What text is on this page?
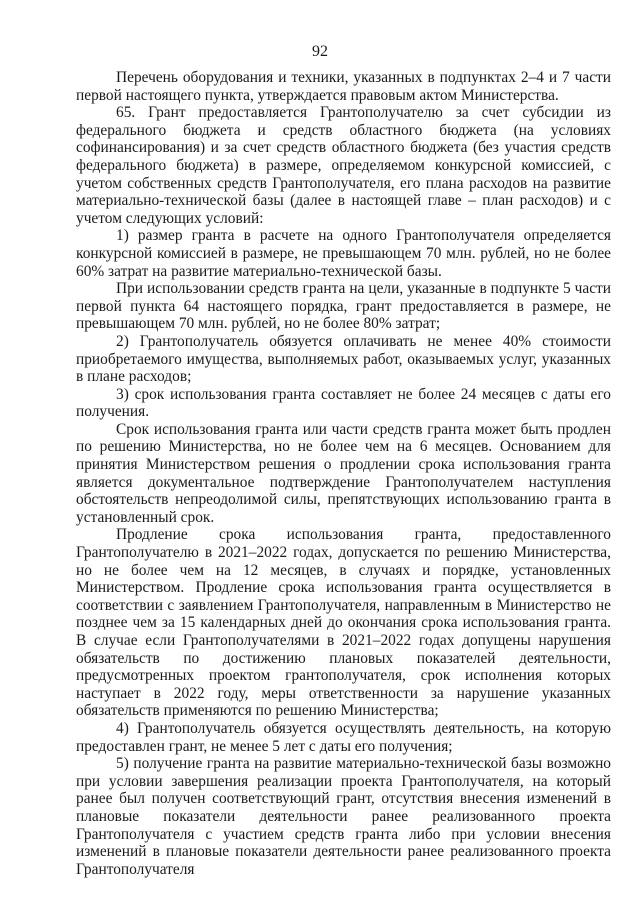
92

Перечень оборудования и техники, указанных в подпунктах 2–4 и 7 части первой настоящего пункта, утверждается правовым актом Министерства.

65. Грант предоставляется Грантополучателю за счет субсидии из федерального бюджета и средств областного бюджета (на условиях софинансирования) и за счет средств областного бюджета (без участия средств федерального бюджета) в размере, определяемом конкурсной комиссией, с учетом собственных средств Грантополучателя, его плана расходов на развитие материально-технической базы (далее в настоящей главе – план расходов) и с учетом следующих условий:

1) размер гранта в расчете на одного Грантополучателя определяется конкурсной комиссией в размере, не превышающем 70 млн. рублей, но не более 60% затрат на развитие материально-технической базы.

При использовании средств гранта на цели, указанные в подпункте 5 части первой пункта 64 настоящего порядка, грант предоставляется в размере, не превышающем 70 млн. рублей, но не более 80% затрат;

2) Грантополучатель обязуется оплачивать не менее 40% стоимости приобретаемого имущества, выполняемых работ, оказываемых услуг, указанных в плане расходов;

3) срок использования гранта составляет не более 24 месяцев с даты его получения.

Срок использования гранта или части средств гранта может быть продлен по решению Министерства, но не более чем на 6 месяцев. Основанием для принятия Министерством решения о продлении срока использования гранта является документальное подтверждение Грантополучателем наступления обстоятельств непреодолимой силы, препятствующих использованию гранта в установленный срок.

Продление срока использования гранта, предоставленного Грантополучателю в 2021–2022 годах, допускается по решению Министерства, но не более чем на 12 месяцев, в случаях и порядке, установленных Министерством. Продление срока использования гранта осуществляется в соответствии с заявлением Грантополучателя, направленным в Министерство не позднее чем за 15 календарных дней до окончания срока использования гранта. В случае если Грантополучателями в 2021–2022 годах допущены нарушения обязательств по достижению плановых показателей деятельности, предусмотренных проектом грантополучателя, срок исполнения которых наступает в 2022 году, меры ответственности за нарушение указанных обязательств применяются по решению Министерства;

4) Грантополучатель обязуется осуществлять деятельность, на которую предоставлен грант, не менее 5 лет с даты его получения;

5) получение гранта на развитие материально-технической базы возможно при условии завершения реализации проекта Грантополучателя, на который ранее был получен соответствующий грант, отсутствия внесения изменений в плановые показатели деятельности ранее реализованного проекта Грантополучателя с участием средств гранта либо при условии внесения изменений в плановые показатели деятельности ранее реализованного проекта Грантополучателя
